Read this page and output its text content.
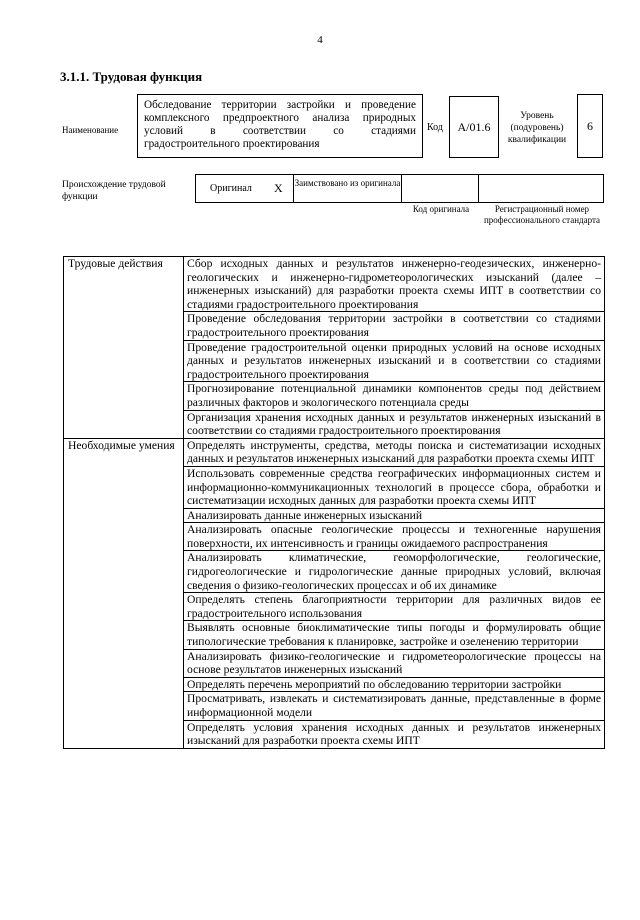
4
3.1.1. Трудовая функция
Наименование
Обследование территории застройки и проведение комплексного предпроектного анализа природных условий в соответствии со стадиями градостроительного проектирования
Код	А/01.6
Уровень (подуровень) квалификации
6
Происхождение трудовой функции
Оригинал X Заимствовано из оригинала
Код оригинала	Регистрационный номер профессионального стандарта
Трудовые действия	Сбор исходных данных и результатов инженерно-геодезических, инженерно-геологических и инженерно-гидрометеорологических изысканий (далее – инженерных изысканий) для разработки проекта схемы ИПТ в соответствии со стадиями градостроительного проектирования
	Проведение обследования территории застройки в соответствии со стадиями градостроительного проектирования
	Проведение градостроительной оценки природных условий на основе исходных данных и результатов инженерных изысканий и в соответствии со стадиями градостроительного проектирования
	Прогнозирование потенциальной динамики компонентов среды под действием различных факторов и экологического потенциала среды
	Организация хранения исходных данных и результатов инженерных изысканий в соответствии со стадиями градостроительного проектирования
Необходимые умения	Определять инструменты, средства, методы поиска и систематизации исходных данных и результатов инженерных изысканий для разработки проекта схемы ИПТ
	Использовать современные средства географических информационных систем и информационно-коммуникационных технологий в процессе сбора, обработки и систематизации исходных данных для разработки проекта схемы ИПТ
	Анализировать данные инженерных изысканий
	Анализировать опасные геологические процессы и техногенные нарушения поверхности, их интенсивность и границы ожидаемого распространения
	Анализировать климатические, геоморфологические, геологические, гидрогеологические и гидрологические данные природных условий, включая сведения о физико-геологических процессах и об их динамике
	Определять степень благоприятности территории для различных видов ее градостроительного использования
	Выявлять основные биоклиматические типы погоды и формулировать общие типологические требования к планировке, застройке и озеленению территории
	Анализировать физико-геологические и гидрометеорологические процессы на основе результатов инженерных изысканий
	Определять перечень мероприятий по обследованию территории застройки
	Просматривать, извлекать и систематизировать данные, представленные в форме информационной модели
	Определять условия хранения исходных данных и результатов инженерных изысканий для разработки проекта схемы ИПТ
